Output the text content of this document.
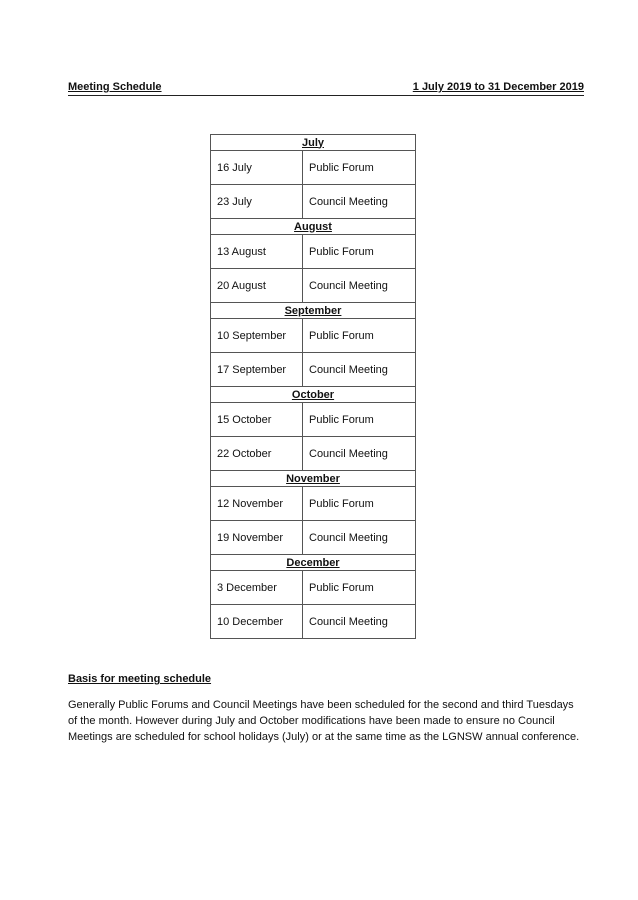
Meeting Schedule	1 July 2019 to 31 December 2019
July	
16 July	Public Forum
23 July	Council Meeting
August	
13 August	Public Forum
20 August	Council Meeting
September	
10 September	Public Forum
17 September	Council Meeting
October	
15 October	Public Forum
22 October	Council Meeting
November	
12 November	Public Forum
19 November	Council Meeting
December	
3 December	Public Forum
10 December	Council Meeting
Basis for meeting schedule

Generally Public Forums and Council Meetings have been scheduled for the second and third Tuesdays of the month. However during July and October modifications have been made to ensure no Council Meetings are scheduled for school holidays (July) or at the same time as the LGNSW annual conference.
